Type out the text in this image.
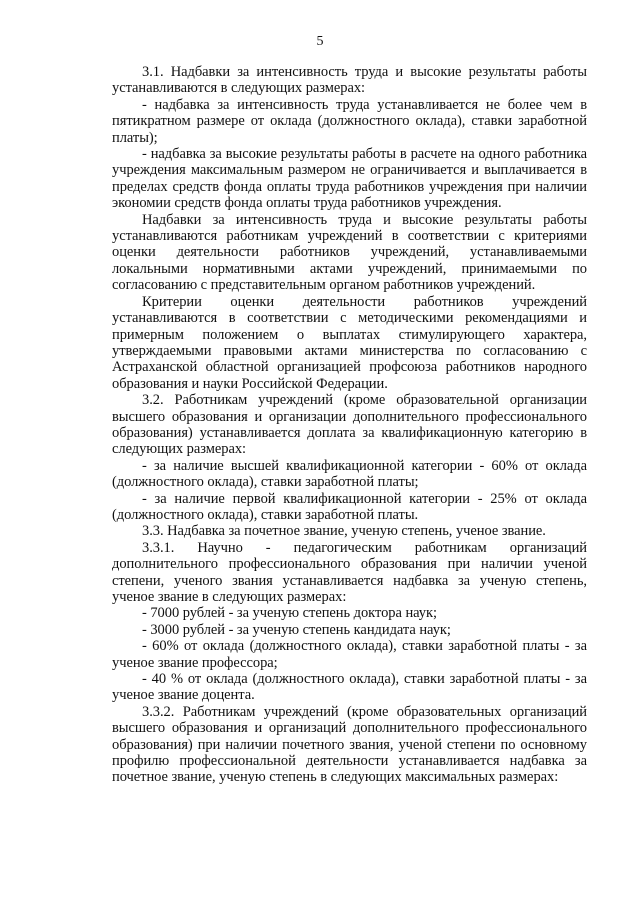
5

3.1. Надбавки за интенсивность труда и высокие результаты работы устанавливаются в следующих размерах:

- надбавка за интенсивность труда устанавливается не более чем в пятикратном размере от оклада (должностного оклада), ставки заработной платы);

- надбавка за высокие результаты работы в расчете на одного работника учреждения максимальным размером не ограничивается и выплачивается в пределах средств фонда оплаты труда работников учреждения при наличии экономии средств фонда оплаты труда работников учреждения.

Надбавки за интенсивность труда и высокие результаты работы устанавливаются работникам учреждений в соответствии с критериями оценки деятельности работников учреждений, устанавливаемыми локальными нормативными актами учреждений, принимаемыми по согласованию с представительным органом работников учреждений.

Критерии оценки деятельности работников учреждений устанавливаются в соответствии с методическими рекомендациями и примерным положением о выплатах стимулирующего характера, утверждаемыми правовыми актами министерства по согласованию с Астраханской областной организацией профсоюза работников народного образования и науки Российской Федерации.

3.2. Работникам учреждений (кроме образовательной организации высшего образования и организации дополнительного профессионального образования) устанавливается доплата за квалификационную категорию в следующих размерах:

- за наличие высшей квалификационной категории - 60% от оклада (должностного оклада), ставки заработной платы;

- за наличие первой квалификационной категории - 25% от оклада (должностного оклада), ставки заработной платы.

3.3. Надбавка за почетное звание, ученую степень, ученое звание.

3.3.1. Научно - педагогическим работникам организаций дополнительного профессионального образования при наличии ученой степени, ученого звания устанавливается надбавка за ученую степень, ученое звание в следующих размерах:

- 7000 рублей - за ученую степень доктора наук;

- 3000 рублей - за ученую степень кандидата наук;

- 60% от оклада (должностного оклада), ставки заработной платы - за ученое звание профессора;

- 40 % от оклада (должностного оклада), ставки заработной платы - за ученое звание доцента.

3.3.2. Работникам учреждений (кроме образовательных организаций высшего образования и организаций дополнительного профессионального образования) при наличии почетного звания, ученой степени по основному профилю профессиональной деятельности устанавливается надбавка за почетное звание, ученую степень в следующих максимальных размерах:
